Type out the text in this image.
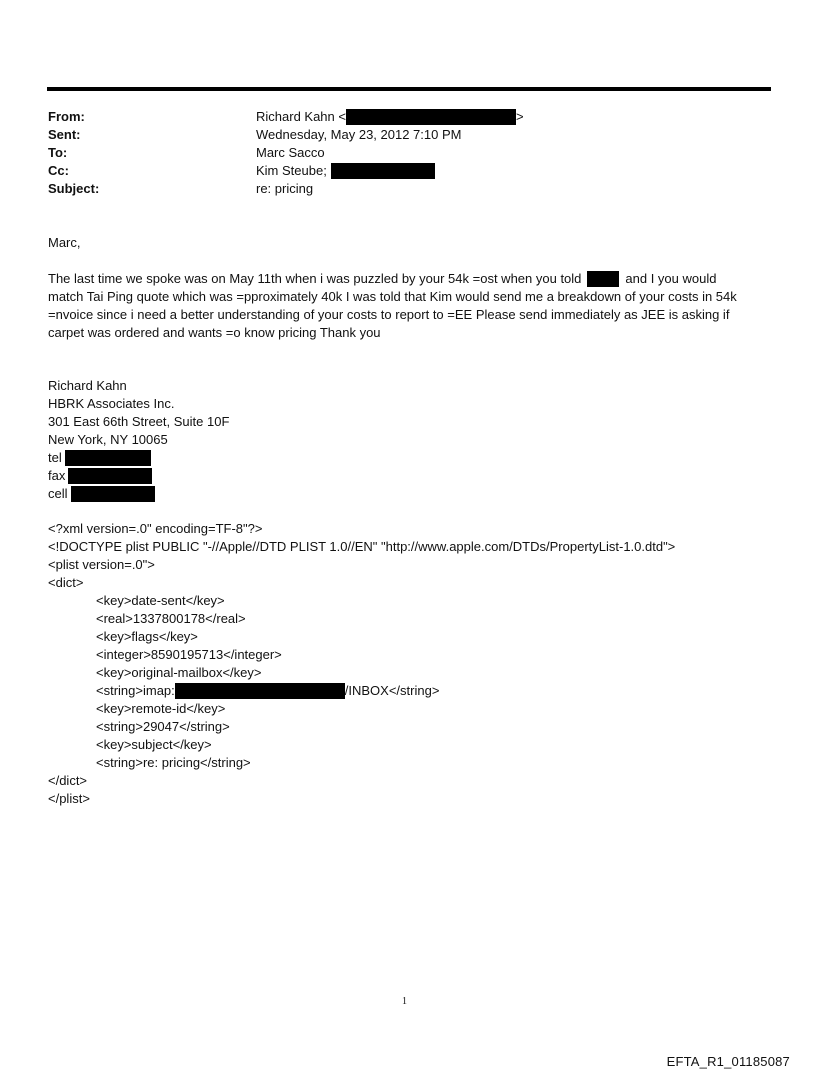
From:	Richard Kahn <	>
Sent:	Wednesday, May 23, 2012 7:10 PM
To:	Marc Sacco
Cc:	Kim Steube;
Subject:	re: pricing
Marc,
The last time we spoke was on May 11th when i was puzzled by your 54k =ost when you told	and I you would
match Tai Ping quote which was =pproximately 40k I was told that Kim would send me a breakdown of your costs in 54k
=nvoice since i need a better understanding of your costs to report to =EE Please send immediately as JEE is asking if
carpet was ordered and wants =o know pricing Thank you
Richard Kahn
HBRK Associates Inc.
301 East 66th Street, Suite 10F
New York, NY 10065
tel
fax
cell
<?xml version=.0" encoding=TF-8"?>
<!DOCTYPE plist PUBLIC "-//Apple//DTD PLIST 1.0//EN" "http://www.apple.com/DTDs/PropertyList-1.0.dtd">
<plist version=.0">
<dict>
<key>date-sent</key>
<real>1337800178</real>
<key>flags</key>
<integer>8590195713</integer>
<key>original-mailbox</key>
<string>imap:	/INBOX</string>
<key>remote-id</key>
<string>29047</string>
<key>subject</key>
<string>re: pricing</string>
</dict>
</plist>
1
EFTA_R1_01185087
